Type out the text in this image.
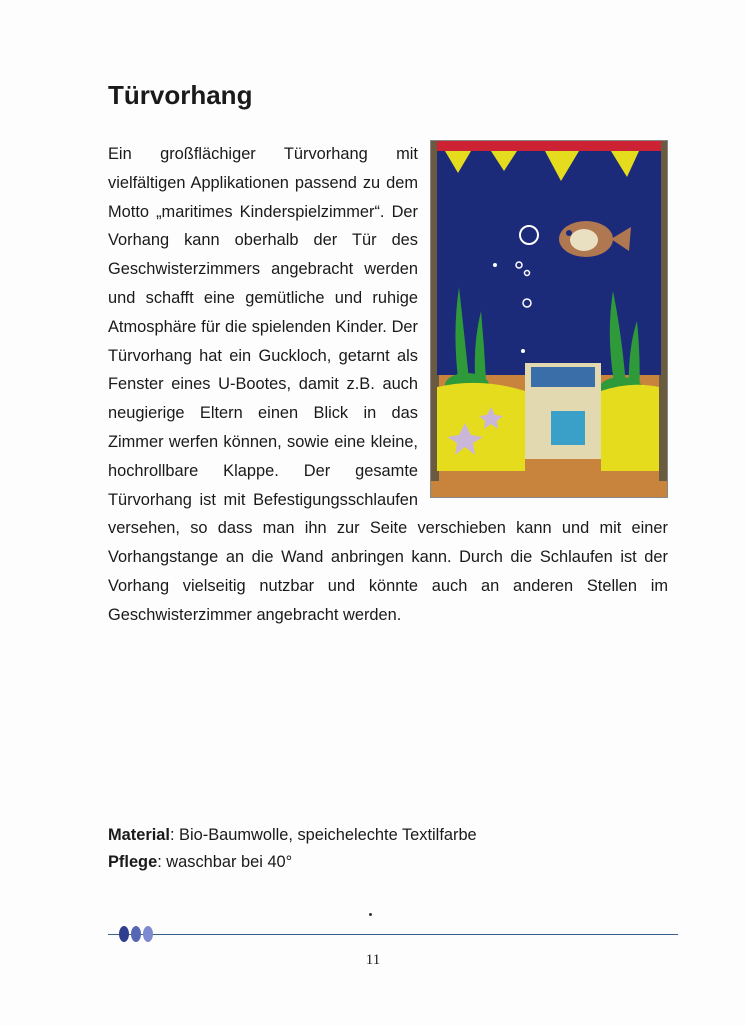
Türvorhang

Ein großflächiger Türvorhang mit vielfältigen Applikationen passend zu dem Motto „maritimes Kinderspielzimmer“. Der Vorhang kann oberhalb der Tür des Geschwisterzimmers angebracht werden und schafft eine gemütliche und ruhige Atmosphäre für die spielenden Kinder. Der Türvorhang hat ein Guckloch, getarnt als Fenster eines U-Bootes, damit z.B. auch neugierige Eltern einen Blick in das Zimmer werfen können, sowie eine kleine, hochrollbare Klappe. Der gesamte Türvorhang ist mit Befestigungsschlaufen versehen, so dass man ihn zur Seite verschieben kann und mit einer Vorhangstange an die Wand anbringen kann. Durch die Schlaufen ist der Vorhang vielseitig nutzbar und könnte auch an anderen Stellen im Geschwisterzimmer angebracht werden.

Material: Bio-Baumwolle, speichelechte Textilfarbe
Pflege: waschbar bei 40°
11
